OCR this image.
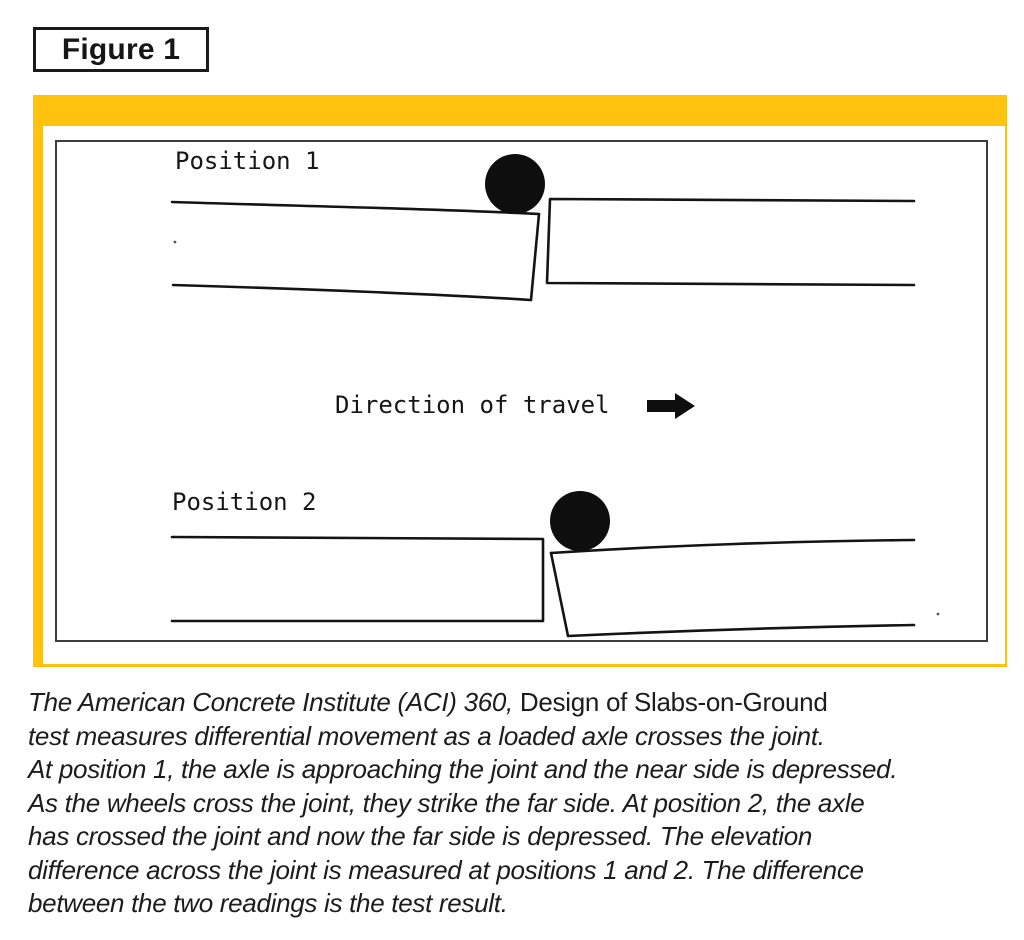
Figure 1
Position 1
Direction of travel
Position 2
The American Concrete Institute (ACI) 360, Design of Slabs-on-Ground
test measures differential movement as a loaded axle crosses the joint.
At position 1, the axle is approaching the joint and the near side is depressed.
As the wheels cross the joint, they strike the far side. At position 2, the axle
has crossed the joint and now the far side is depressed. The elevation
difference across the joint is measured at positions 1 and 2. The difference
between the two readings is the test result.
